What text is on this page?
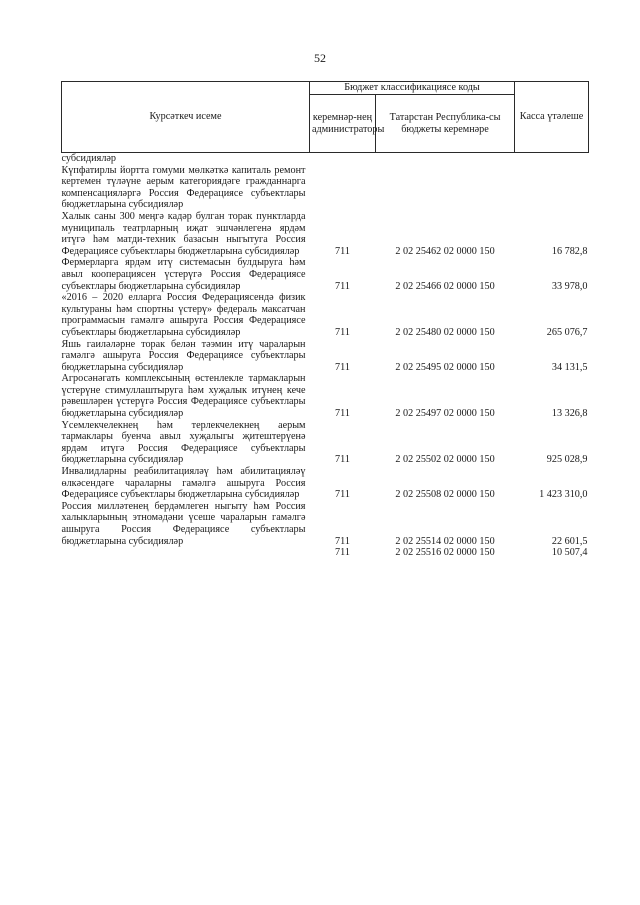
52
Курсәткеч исеме	Бюджет классификациясе коды		Касса үтәлеше
	керемнәр-нең администраторы	Татарстан Республика-сы бюджеты керемнәре	
субсидияләр			
Күпфатирлы йортта гомуми мөлкәткә капиталь ремонт кертемен түләүне аерым категориядәге гражданнарга компенсацияләргә Россия Федерациясе субъектлары бюджетларына субсидияләр			
Халык саны 300 меңгә кадәр булган торак пунктларда муниципаль театрларның иҗат эшчәнлегенә ярдәм итүгә һәм матди-техник базасын ныгытуга Россия Федерациясе субъектлары бюджетларына субсидияләр	711	2 02 25462 02 0000 150	16 782,8
Фермерларга ярдәм итү системасын булдыруга һәм авыл кооперациясен үстерүгә Россия Федерациясе субъектлары бюджетларына субсидияләр	711	2 02 25466 02 0000 150	33 978,0
«2016 – 2020 елларга Россия Федерациясендә физик культураны һәм спортны үстерү» федераль максатчан программасын гамәлгә ашыруга Россия Федерациясе субъектлары бюджетларына субсидияләр	711	2 02 25480 02 0000 150	265 076,7
Яшь гаиләләрне торак белән тәэмин итү чараларын гамәлгә ашыруга Россия Федерациясе субъектлары бюджетларына субсидияләр	711	2 02 25495 02 0000 150	34 131,5
Агросәнәгать комплексының өстенлекле тармакларын үстерүне стимуллаштыруга һәм хуҗалык итүнең кече рәвешләрен үстерүгә Россия Федерациясе субъектлары бюджетларына субсидияләр	711	2 02 25497 02 0000 150	13 326,8
Үсемлекчелекнең һәм терлекчелекнең аерым тармаклары буенча авыл хуҗалыгы җитештерүенә ярдәм итүгә Россия Федерациясе субъектлары бюджетларына субсидияләр	711	2 02 25502 02 0000 150	925 028,9
Инвалидларны реабилитацияләү һәм абилитацияләү өлкәсендәге чараларны гамәлгә ашыруга Россия Федерациясе субъектлары бюджетларына субсидияләр	711	2 02 25508 02 0000 150	1 423 310,0
Россия милләтенең бердәмлеген ныгыту һәм Россия халыкларының этномәдәни үсеше чараларын гамәлгә ашыруга Россия Федерациясе субъектлары бюджетларына субсидияләр	711	2 02 25514 02 0000 150	22 601,5
	711	2 02 25516 02 0000 150	10 507,4
